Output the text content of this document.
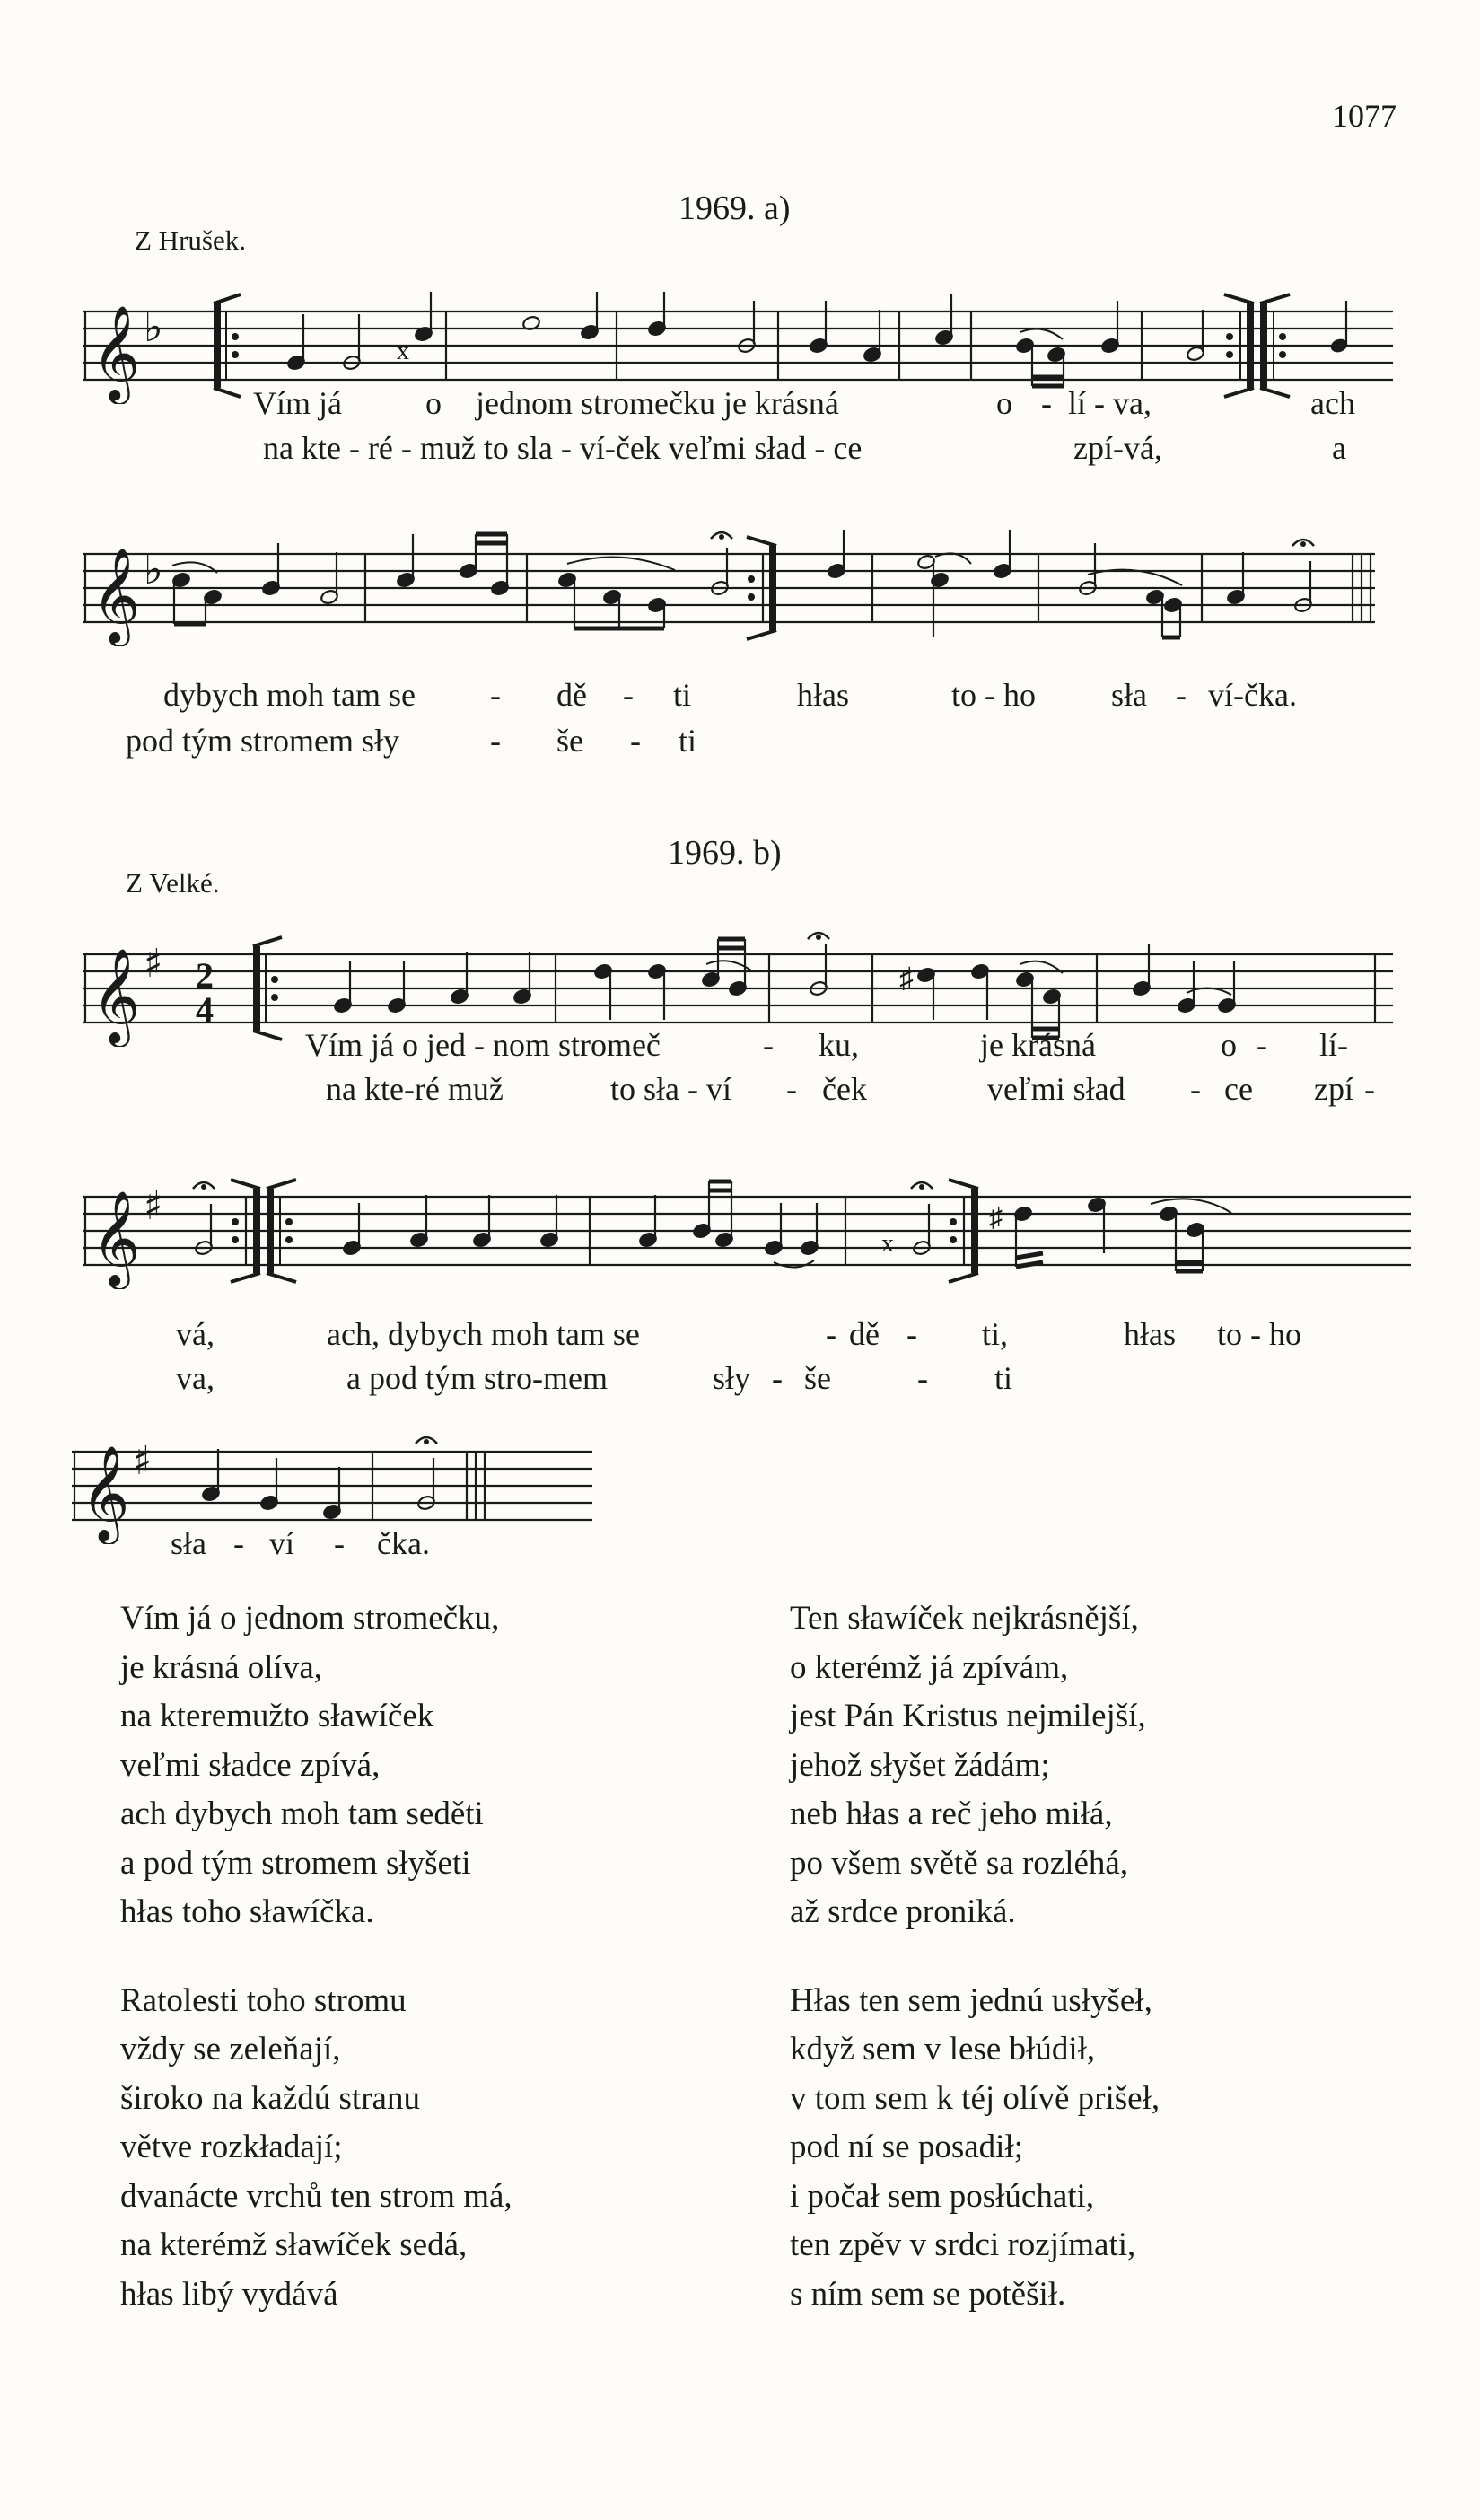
1077
1969. a)
Z Hrušek.
𝄞 ♭
x
Vím já	o jednom stromečku je krásná	o - lí - va,	ach
na kte - ré - muž to sla - ví-ček veľmi sład - ce	zpí-vá,	a
𝄞 ♭
dybych moh tam se - dě - ti	hłas	to - ho sła - ví-čka.
pod tým stromem sły	- še - ti
1969. b)
Z Velké.
𝄞 ♯ 2
4
♯
Vím já o jed - nom stromeč	- ku,	je krásná	o - lí-
na kte-ré muž	to sła - ví - ček	veľmi sład - ce zpí -
𝄞 ♯
x
♯
vá,	ach, dybych moh tam se	- dě - ti,	hłas to - ho
va,	a pod tým stro-mem	sły - še	- ti
𝄞 ♯
sła - ví - čka.
Vím já o jednom stromečku,
je krásná olíva,
na kteremužto sławíček
veľmi sładce zpívá,
ach dybych moh tam seděti
a pod tým stromem słyšeti
hłas toho sławíčka.
Ratolesti toho stromu
vždy se zeleňají,
široko na každú stranu
větve rozkładají;
dvanácte vrchů ten strom má,
na kterémž sławíček sedá,
hłas libý vydává
Ten sławíček nejkrásnější,
o kterémž já zpívám,
jest Pán Kristus nejmilejší,
jehož słyšet žádám;
neb hłas a reč jeho miłá,
po všem světě sa rozléhá,
až srdce proniká.
Hłas ten sem jednú usłyšeł,
když sem v lese błúdił,
v tom sem k téj olívě prišeł,
pod ní se posadił;
i počał sem posłúchati,
ten zpěv v srdci rozjímati,
s ním sem se potěšił.
